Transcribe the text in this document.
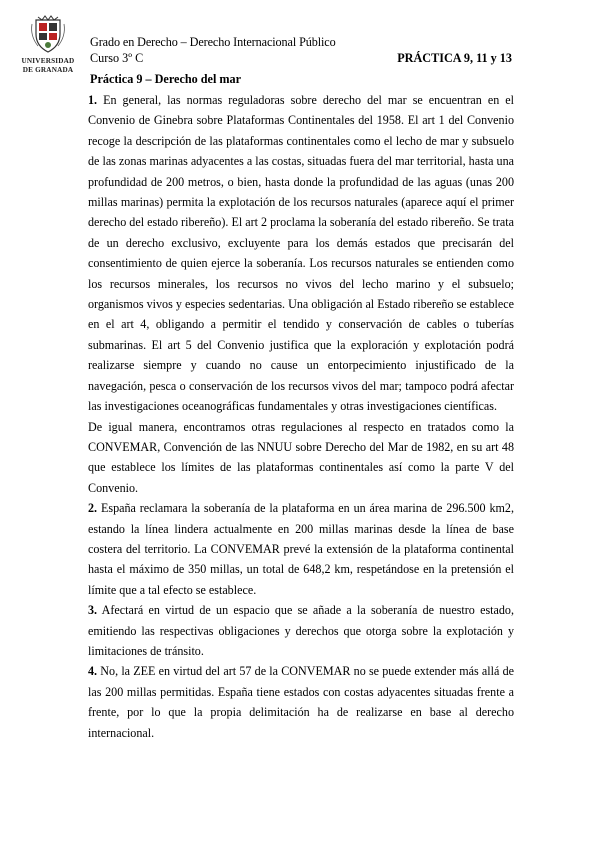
UNIVERSIDAD
DE GRANADA
Grado en Derecho – Derecho Internacional Público
Curso 3º C	PRÁCTICA 9, 11 y 13
Práctica 9 – Derecho del mar

1. En general, las normas reguladoras sobre derecho del mar se encuentran en el Convenio de Ginebra sobre Plataformas Continentales del 1958. El art 1 del Convenio recoge la descripción de las plataformas continentales como el lecho de mar y subsuelo de las zonas marinas adyacentes a las costas, situadas fuera del mar territorial, hasta una profundidad de 200 metros, o bien, hasta donde la profundidad de las aguas (unas 200 millas marinas) permita la explotación de los recursos naturales (aparece aquí el primer derecho del estado ribereño). El art 2 proclama la soberanía del estado ribereño. Se trata de un derecho exclusivo, excluyente para los demás estados que precisarán del consentimiento de quien ejerce la soberanía. Los recursos naturales se entienden como los recursos minerales, los recursos no vivos del lecho marino y el subsuelo; organismos vivos y especies sedentarias. Una obligación al Estado ribereño se establece en el art 4, obligando a permitir el tendido y conservación de cables o tuberías submarinas. El art 5 del Convenio justifica que la exploración y explotación podrá realizarse siempre y cuando no cause un entorpecimiento injustificado de la navegación, pesca o conservación de los recursos vivos del mar; tampoco podrá afectar las investigaciones oceanográficas fundamentales y otras investigaciones científicas.

De igual manera, encontramos otras regulaciones al respecto en tratados como la CONVEMAR, Convención de las NNUU sobre Derecho del Mar de 1982, en su art 48 que establece los límites de las plataformas continentales así como la parte V del Convenio.

2. España reclamara la soberanía de la plataforma en un área marina de 296.500 km2, estando la línea lindera actualmente en 200 millas marinas desde la línea de base costera del territorio. La CONVEMAR prevé la extensión de la plataforma continental hasta el máximo de 350 millas, un total de 648,2 km, respetándose en la pretensión el límite que a tal efecto se establece.

3. Afectará en virtud de un espacio que se añade a la soberanía de nuestro estado, emitiendo las respectivas obligaciones y derechos que otorga sobre la explotación y limitaciones de tránsito.

4. No, la ZEE en virtud del art 57 de la CONVEMAR no se puede extender más allá de las 200 millas permitidas. España tiene estados con costas adyacentes situadas frente a frente, por lo que la propia delimitación ha de realizarse en base al derecho internacional.
